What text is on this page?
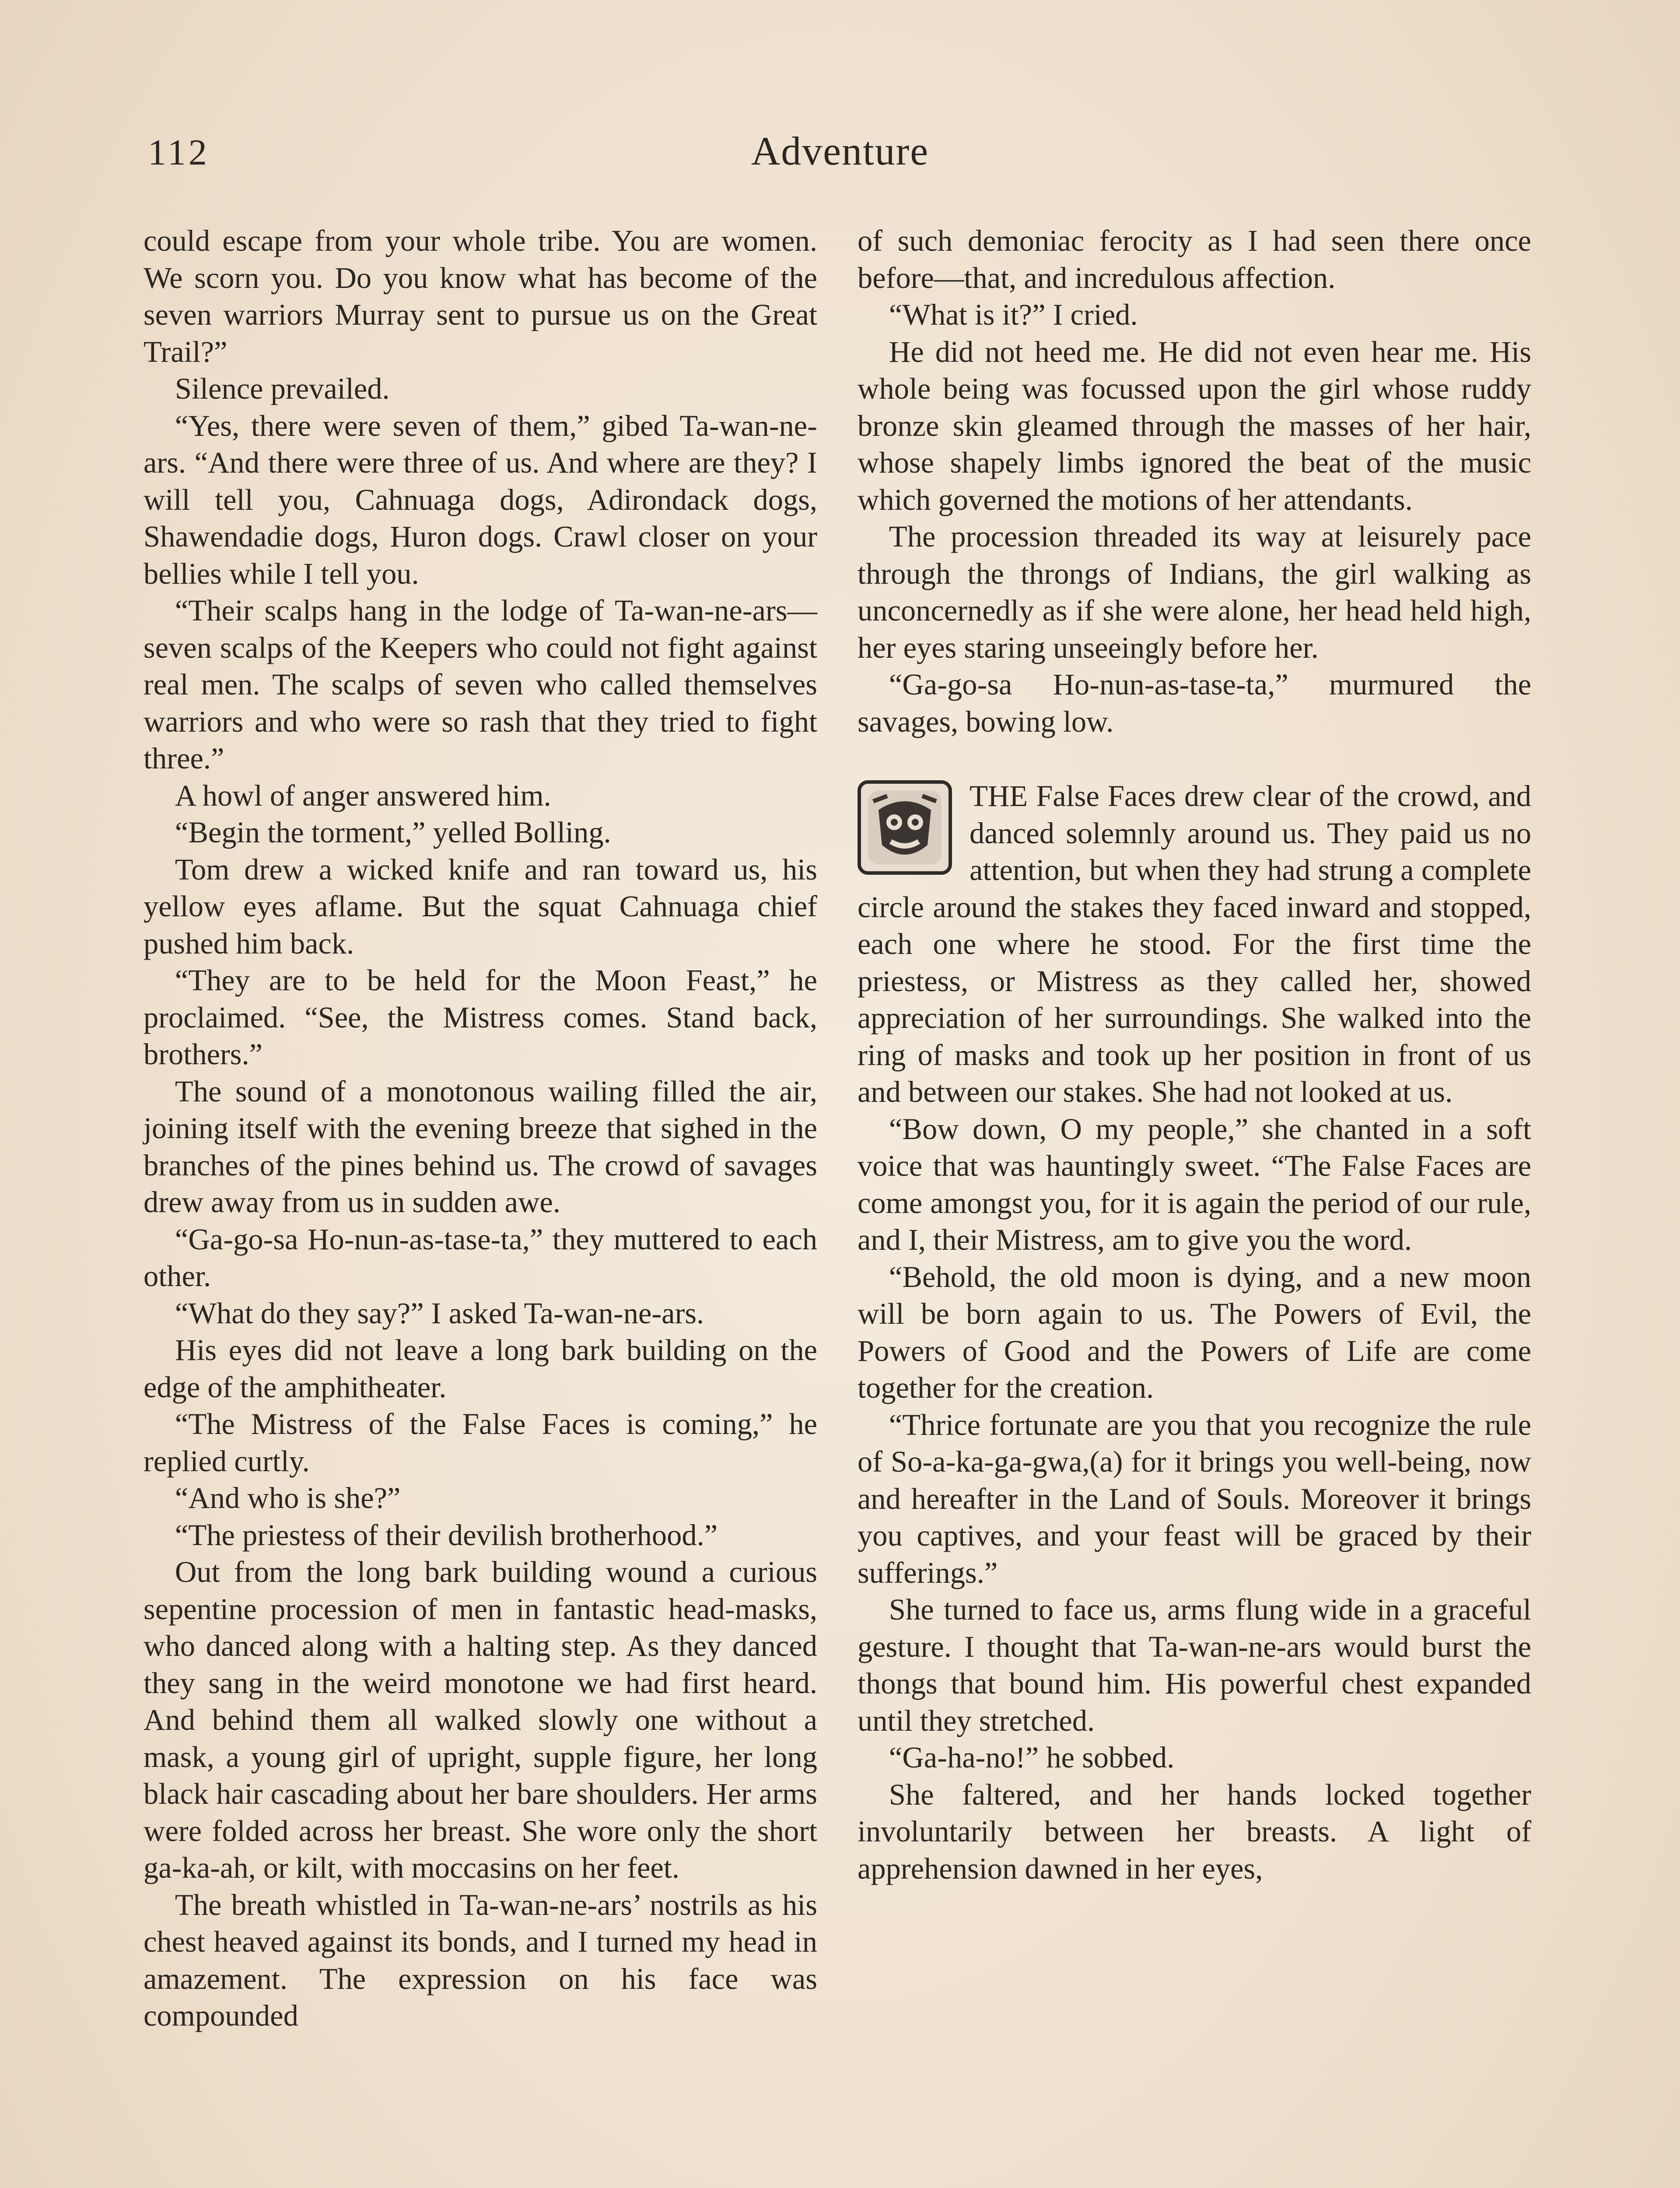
112	Adventure

could escape from your whole tribe. You are women. We scorn you. Do you know what has become of the seven warriors Murray sent to pursue us on the Great Trail?”

Silence prevailed.

“Yes, there were seven of them,” gibed Ta-wan-ne-ars. “And there were three of us. And where are they? I will tell you, Cahnuaga dogs, Adirondack dogs, Shawendadie dogs, Huron dogs. Crawl closer on your bellies while I tell you.

“Their scalps hang in the lodge of Ta-wan-ne-ars—seven scalps of the Keepers who could not fight against real men. The scalps of seven who called themselves warriors and who were so rash that they tried to fight three.”

A howl of anger answered him.

“Begin the torment,” yelled Bolling.

Tom drew a wicked knife and ran toward us, his yellow eyes aflame. But the squat Cahnuaga chief pushed him back.

“They are to be held for the Moon Feast,” he proclaimed. “See, the Mistress comes. Stand back, brothers.”

The sound of a monotonous wailing filled the air, joining itself with the evening breeze that sighed in the branches of the pines behind us. The crowd of savages drew away from us in sudden awe.

“Ga-go-sa Ho-nun-as-tase-ta,” they muttered to each other.

“What do they say?” I asked Ta-wan-ne-ars.

His eyes did not leave a long bark building on the edge of the amphitheater.

“The Mistress of the False Faces is coming,” he replied curtly.

“And who is she?”

“The priestess of their devilish brotherhood.”

Out from the long bark building wound a curious sepentine procession of men in fantastic head-masks, who danced along with a halting step. As they danced they sang in the weird monotone we had first heard. And behind them all walked slowly one without a mask, a young girl of upright, supple figure, her long black hair cascading about her bare shoulders. Her arms were folded across her breast. She wore only the short ga-ka-ah, or kilt, with moccasins on her feet.

The breath whistled in Ta-wan-ne-ars’ nostrils as his chest heaved against its bonds, and I turned my head in amazement. The expression on his face was compounded

of such demoniac ferocity as I had seen there once before—that, and incredulous affection.

“What is it?” I cried.

He did not heed me. He did not even hear me. His whole being was focussed upon the girl whose ruddy bronze skin gleamed through the masses of her hair, whose shapely limbs ignored the beat of the music which governed the motions of her attendants.

The procession threaded its way at leisurely pace through the throngs of Indians, the girl walking as unconcernedly as if she were alone, her head held high, her eyes staring unseeingly before her.

“Ga-go-sa Ho-nun-as-tase-ta,” murmured the savages, bowing low.

THE False Faces drew clear of the crowd, and danced solemnly around us. They paid us no attention, but when they had strung a complete circle around the stakes they faced inward and stopped, each one where he stood. For the first time the priestess, or Mistress as they called her, showed appreciation of her surroundings. She walked into the ring of masks and took up her position in front of us and between our stakes. She had not looked at us.

“Bow down, O my people,” she chanted in a soft voice that was hauntingly sweet. “The False Faces are come amongst you, for it is again the period of our rule, and I, their Mistress, am to give you the word.

“Behold, the old moon is dying, and a new moon will be born again to us. The Powers of Evil, the Powers of Good and the Powers of Life are come together for the creation.

“Thrice fortunate are you that you recognize the rule of So-a-ka-ga-gwa,(a) for it brings you well-being, now and hereafter in the Land of Souls. Moreover it brings you captives, and your feast will be graced by their sufferings.”

She turned to face us, arms flung wide in a graceful gesture. I thought that Ta-wan-ne-ars would burst the thongs that bound him. His powerful chest expanded until they stretched.

“Ga-ha-no!” he sobbed.

She faltered, and her hands locked together involuntarily between her breasts. A light of apprehension dawned in her eyes,
